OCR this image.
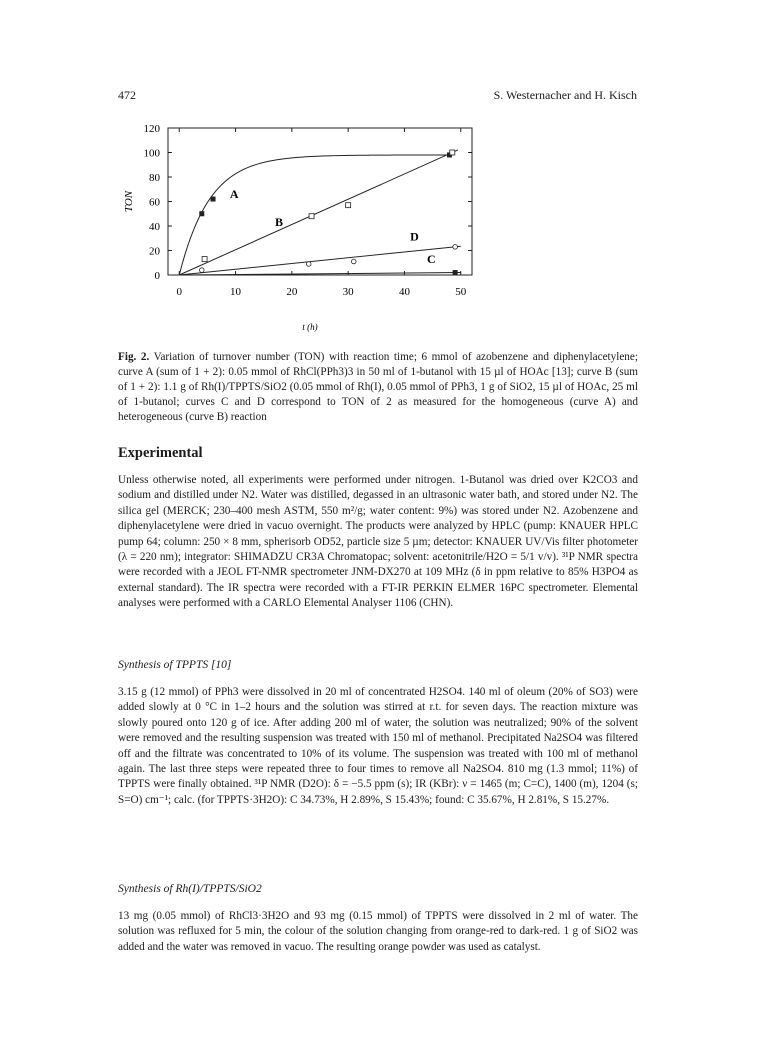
472	S. Westernacher and H. Kisch
0
20
40
60
80
100
120
0	10	20	30	40	50
t (h)
TON	A
B
D
C
Fig. 2. Variation of turnover number (TON) with reaction time; 6 mmol of azobenzene and diphenylacetylene; curve A (sum of 1 + 2): 0.05 mmol of RhCl(PPh3)3 in 50 ml of 1-butanol with 15 µl of HOAc [13]; curve B (sum of 1 + 2): 1.1 g of Rh(I)/TPPTS/SiO2 (0.05 mmol of Rh(I), 0.05 mmol of PPh3, 1 g of SiO2, 15 µl of HOAc, 25 ml of 1-butanol; curves C and D correspond to TON of 2 as measured for the homogeneous (curve A) and heterogeneous (curve B) reaction
Experimental
Unless otherwise noted, all experiments were performed under nitrogen. 1-Butanol was dried over K2CO3 and sodium and distilled under N2. Water was distilled, degassed in an ultrasonic water bath, and stored under N2. The silica gel (MERCK; 230–400 mesh ASTM, 550 m²/g; water content: 9%) was stored under N2. Azobenzene and diphenylacetylene were dried in vacuo overnight. The products were analyzed by HPLC (pump: KNAUER HPLC pump 64; column: 250 × 8 mm, spherisorb OD52, particle size 5 µm; detector: KNAUER UV/Vis filter photometer (λ = 220 nm); integrator: SHIMADZU CR3A Chromatopac; solvent: acetonitrile/H2O = 5/1 v/v). ³¹P NMR spectra were recorded with a JEOL FT-NMR spectrometer JNM-DX270 at 109 MHz (δ in ppm relative to 85% H3PO4 as external standard). The IR spectra were recorded with a FT-IR PERKIN ELMER 16PC spectrometer. Elemental analyses were performed with a CARLO Elemental Analyser 1106 (CHN).
Synthesis of TPPTS [10]
3.15 g (12 mmol) of PPh3 were dissolved in 20 ml of concentrated H2SO4. 140 ml of oleum (20% of SO3) were added slowly at 0 °C in 1–2 hours and the solution was stirred at r.t. for seven days. The reaction mixture was slowly poured onto 120 g of ice. After adding 200 ml of water, the solution was neutralized; 90% of the solvent were removed and the resulting suspension was treated with 150 ml of methanol. Precipitated Na2SO4 was filtered off and the filtrate was concentrated to 10% of its volume. The suspension was treated with 100 ml of methanol again. The last three steps were repeated three to four times to remove all Na2SO4. 810 mg (1.3 mmol; 11%) of TPPTS were finally obtained. ³¹P NMR (D2O): δ = −5.5 ppm (s); IR (KBr): ν = 1465 (m; C=C), 1400 (m), 1204 (s; S=O) cm⁻¹; calc. (for TPPTS·3H2O): C 34.73%, H 2.89%, S 15.43%; found: C 35.67%, H 2.81%, S 15.27%.
Synthesis of Rh(I)/TPPTS/SiO2
13 mg (0.05 mmol) of RhCl3·3H2O and 93 mg (0.15 mmol) of TPPTS were dissolved in 2 ml of water. The solution was refluxed for 5 min, the colour of the solution changing from orange-red to dark-red. 1 g of SiO2 was added and the water was removed in vacuo. The resulting orange powder was used as catalyst.
